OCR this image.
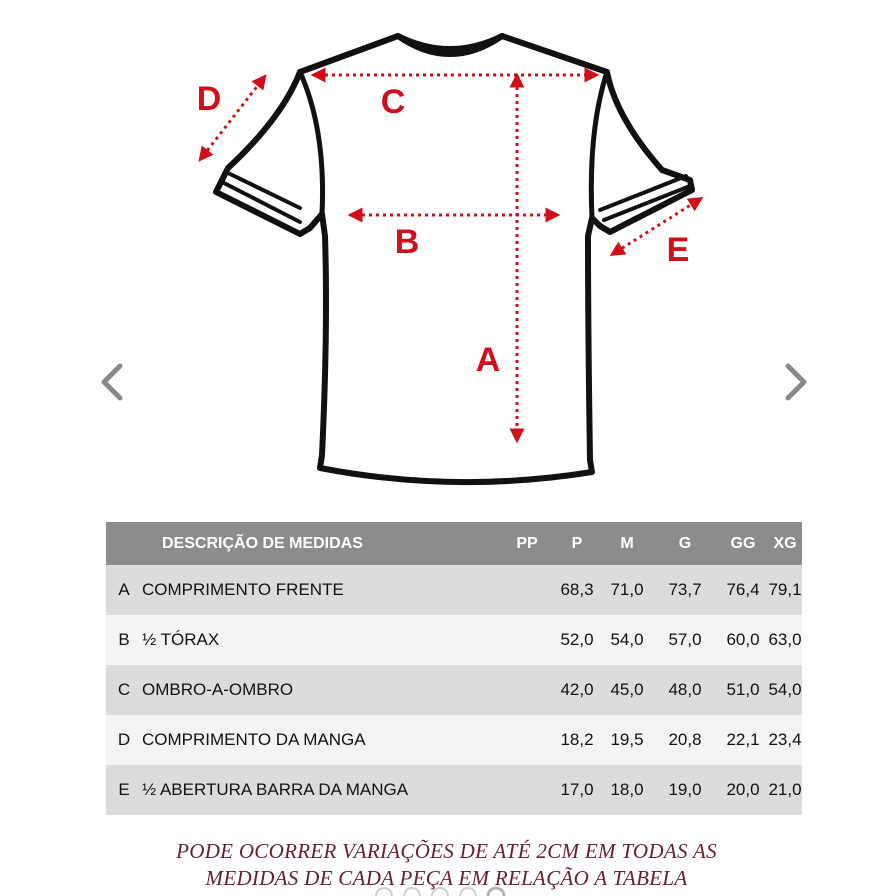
C
B
A
D
E
	DESCRIÇÃO DE MEDIDAS	PP	P	M	G	GG	XG
A	COMPRIMENTO FRENTE		68,3	71,0	73,7	76,4	79,1
B	½ TÓRAX		52,0	54,0	57,0	60,0	63,0
C	OMBRO-A-OMBRO		42,0	45,0	48,0	51,0	54,0
D	COMPRIMENTO DA MANGA		18,2	19,5	20,8	22,1	23,4
E	½ ABERTURA BARRA DA MANGA		17,0	18,0	19,0	20,0	21,0
PODE OCORRER VARIAÇÕES DE ATÉ 2CM EM TODAS AS
MEDIDAS DE CADA PEÇA EM RELAÇÃO A TABELA
